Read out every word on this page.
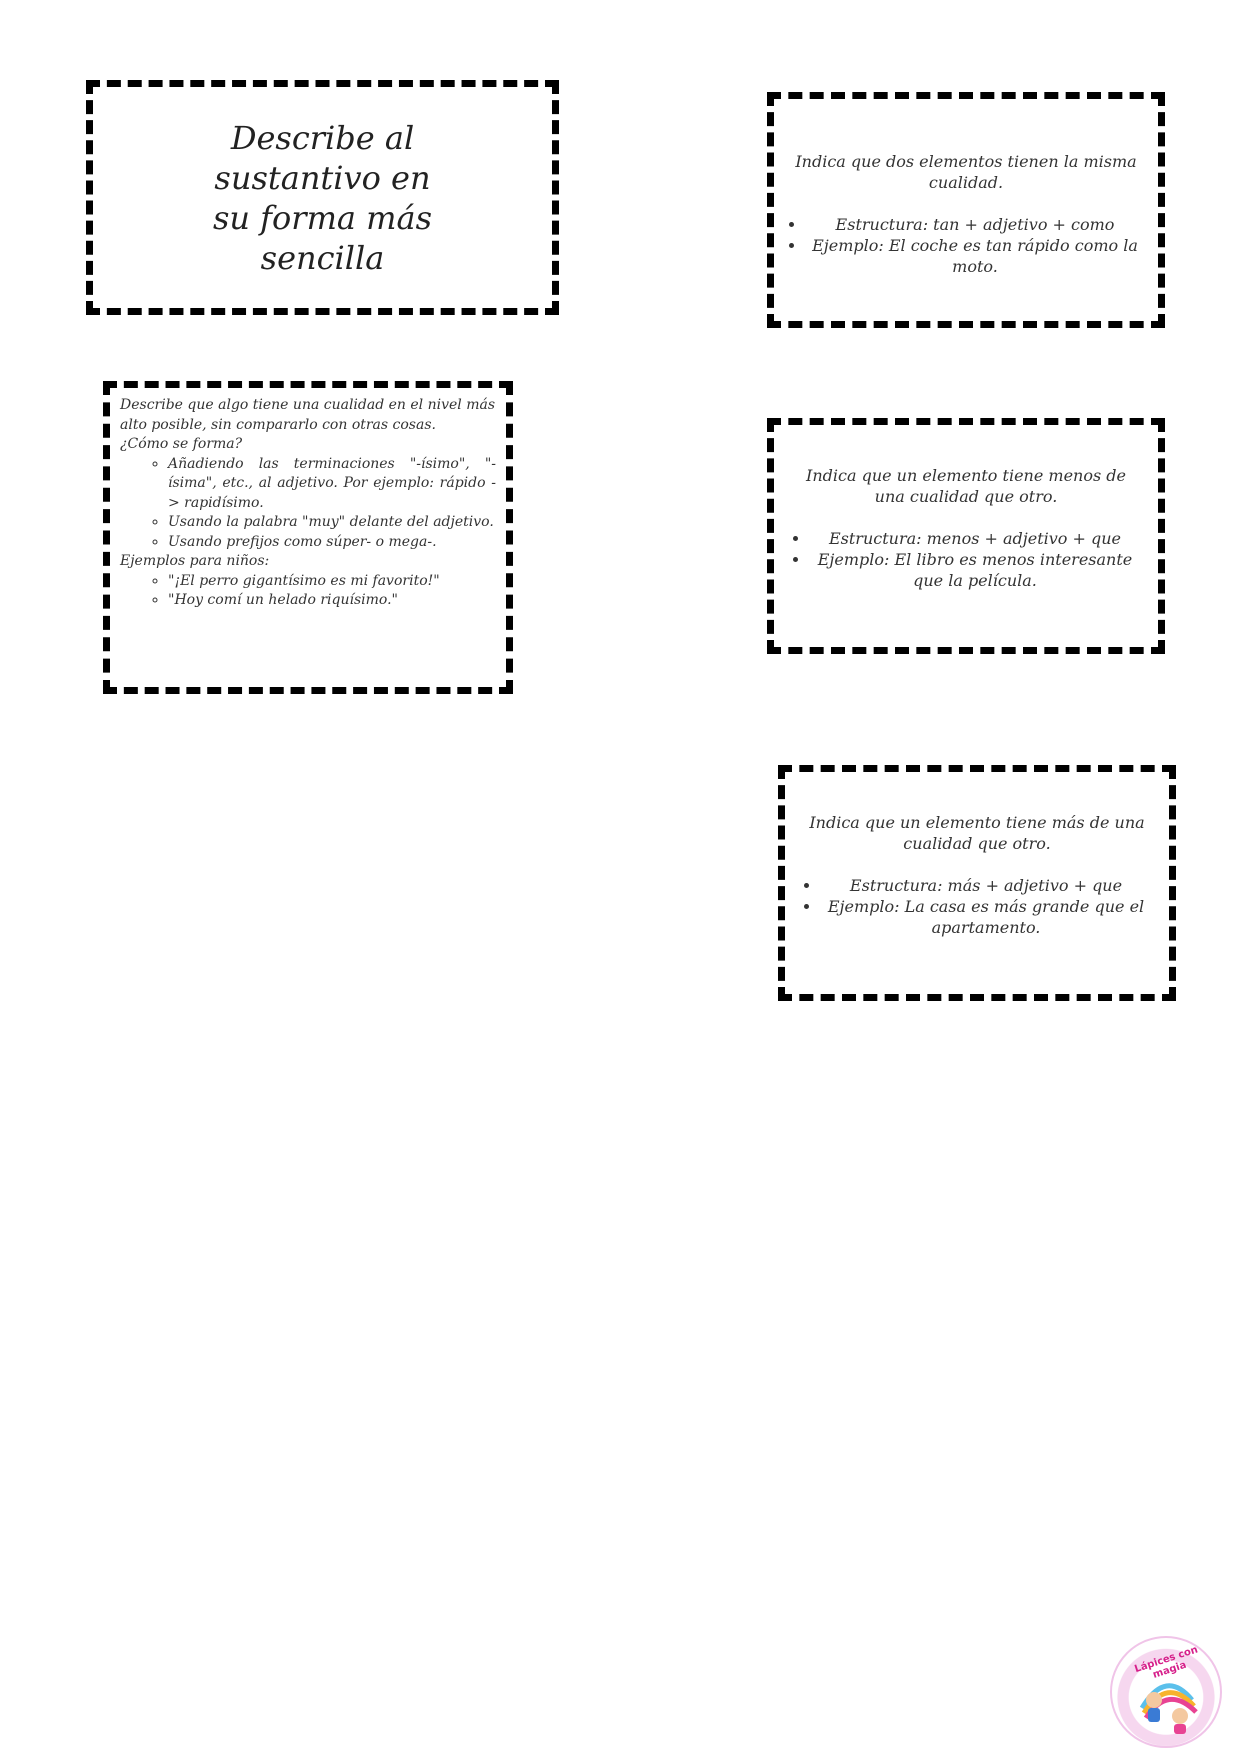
Describe al sustantivo en su forma más sencilla
Indica que dos elementos tienen la misma cualidad.
• Estructura: tan + adjetivo + como
• Ejemplo: El coche es tan rápido como la moto.

Describe que algo tiene una cualidad en el nivel más alto posible, sin compararlo con otras cosas.

¿Cómo se forma?

◦ Añadiendo las terminaciones "-ísimo", "-ísima", etc., al adjetivo. Por ejemplo: rápido -> rapidísimo.
◦ Usando la palabra "muy" delante del adjetivo.
◦ Usando prefijos como súper- o mega-.

Ejemplos para niños:

◦ "¡El perro gigantísimo es mi favorito!"
◦ "Hoy comí un helado riquísimo."
Indica que un elemento tiene menos de una cualidad que otro.
• Estructura: menos + adjetivo + que
• Ejemplo: El libro es menos interesante que la película.
Indica que un elemento tiene más de una cualidad que otro.
• Estructura: más + adjetivo + que
• Ejemplo: La casa es más grande que el apartamento.
Lápices con magia
